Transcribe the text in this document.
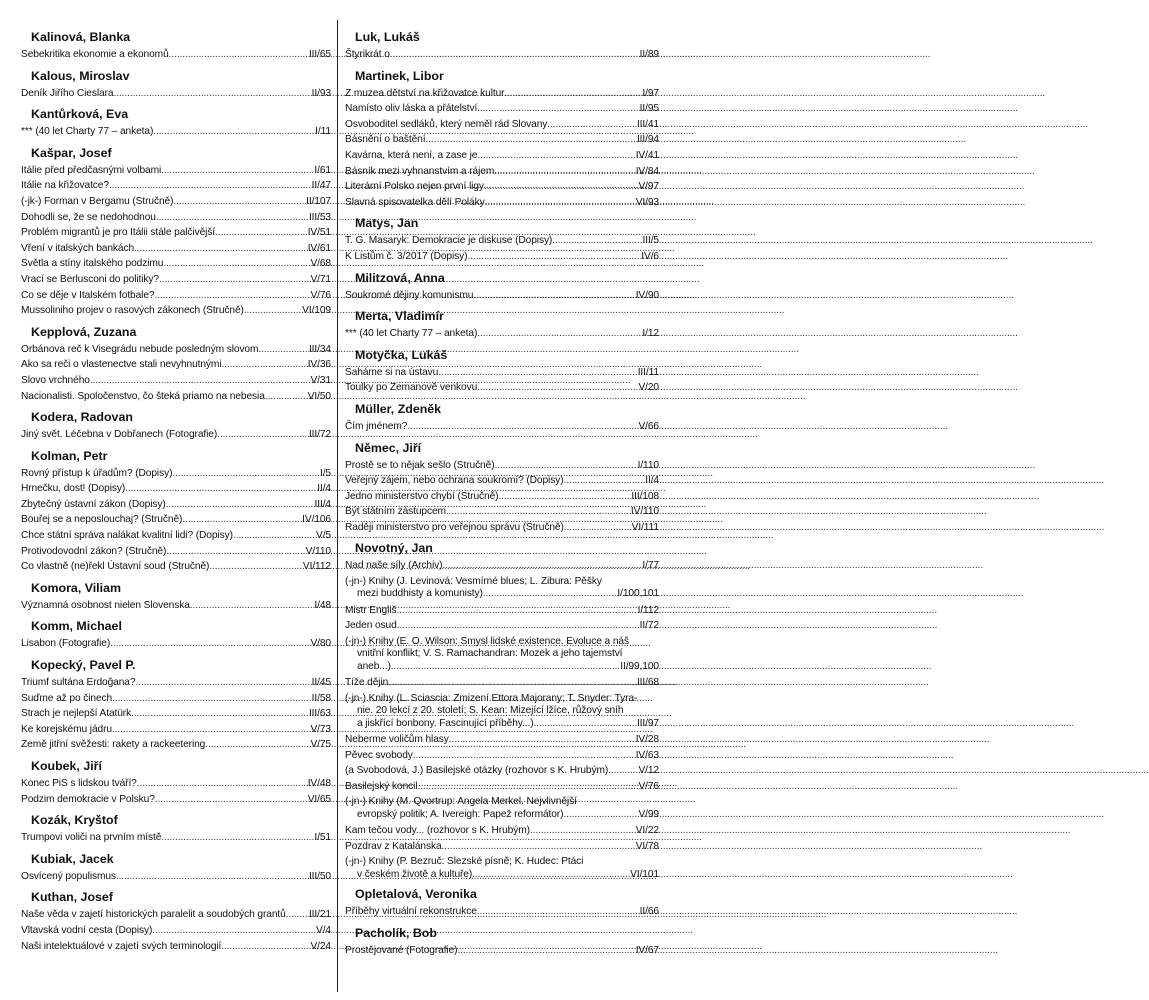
Kalinová, Blanka
Sebekritika ekonomie a ekonomů .....	III/65
Kalous, Miroslav
Deník Jiřího Cieslara .....	II/93
Kantůrková, Eva
*** (40 let Charty 77 – anketa) .....	I/11
Kašpar, Josef
Itálie před předčasnými volbami .....	I/61
Itálie na křižovatce? .....	II/47
(-jk-) Forman v Bergamu (Stručně) .....	II/107
Dohodli se, že se nedohodnou .....	III/53
Problém migrantů je pro Itálii stále palčivější .....	IV/51
Vření v italských bankách .....	IV/61
Světla a stíny italského podzimu .....	V/68
Vrací se Berlusconi do politiky? .....	V/71
Co se děje v Italském fotbale? .....	V/76
Mussoliniho projev o rasových zákonech (Stručně) .....	VI/109
Kepplová, Zuzana
Orbánova reč k Visegrádu nebude posledným slovom .....	III/34
Ako sa reči o vlastenectve stali nevyhnutnými .....	IV/36
Slovo vrchného .....	V/31
Nacionalisti. Spoločenstvo, čo šteká priamo na nebesia .....	VI/50
Kodera, Radovan
Jiný svět. Léčebna v Dobřanech (Fotografie) .....	III/72
Kolman, Petr
Rovný přístup k úřadům? (Dopisy) .....	I/5
Hrnečku, dost! (Dopisy) .....	II/4
Zbytečný ústavní zákon (Dopisy) .....	III/4
Bouřej se a neposlouchaj? (Stručně) .....	IV/106
Chce státní správa nalákat kvalitní lidi? (Dopisy) .....	V/5
Protivodovodní zákon? (Stručně) .....	V/110
Co vlastně (ne)řekl Ústavní soud (Stručně) .....	VI/112
Komora, Viliam
Významná osobnost nielen Slovenska .....	I/48
Komm, Michael
Lisabon (Fotografie) .....	V/80
Kopecký, Pavel P.
Triumf sultána Erdoğana? .....	II/45
Suďme až po činech .....	II/58
Strach je nejlepší Atatürk .....	III/63
Ke korejskému jádru .....	V/73
Země jitřní svěžesti: rakety a rackeetering .....	V/75
Koubek, Jiří
Konec PiS s lidskou tváří? .....	IV/48
Podzim demokracie v Polsku? .....	VI/65
Kozák, Kryštof
Trumpovi voliči na prvním místě .....	I/51
Kubiak, Jacek
Osvícený populismus .....	III/50
Kuthan, Josef
Naše věda v zajetí historických paralelit a soudobých grantů ..... III/21
Vltavská vodní cesta (Dopisy) .....	V/4
Naši intelektuálové v zajetí svých terminologií .....	V/24
Luk, Lukáš
Štyrikrát o .....	II/89
Martinek, Libor
Z muzea dětství na křižovatce kultur .....	I/97
Namísto oliv láska a přátelství .....	II/95
Osvoboditel sedláků, který neměl rád Slovany .....	III/41
Básnění o baštění .....	III/94
Kavárna, která není, a zase je .....	IV/41
Básník mezi vyhnanstvím a rájem .....	IV/84
Literární Polsko nejen první ligy .....	V/97
Slavná spisovatelka dělí Poláky .....	VI/93
Matys, Jan
T. G. Masaryk: Demokracie je diskuse (Dopisy) .....	III/5
K Listům č. 3/2017 (Dopisy) .....	IV/6
Militzová, Anna
Soukromé dějiny komunismu .....	IV/90
Merta, Vladimír
*** (40 let Charty 77 – anketa) .....	I/12
Motyčka, Lukáš
Saháme si na ústavu .....	III/11
Toulky po Zemanově venkovu .....	V/20
Müller, Zdeněk
Čím jménem? .....	V/66
Němec, Jiří
Prostě se to nějak sešlo (Stručně) .....	I/110
Veřejný zájem, nebo ochrana soukromí? (Dopisy) .....	II/4
Jedno ministerstvo chybí (Stručně) .....	III/108
Být státním zástupcem .....	IV/110
Raději ministerstvo pro veřejnou správu (Stručně) .....	VI/111
Novotný, Jan
Nad naše síly (Archiv) .....	I/77
(-jn-) Knihy (J. Levinová: Vesmírné blues; L. Zibura: Pěšky
mezi buddhisty a komunisty) .....	I/100,101
Mistr Engliš .....	I/112
Jeden osud .....	II/72
(-jn-) Knihy (E. O. Wilson: Smysl lidské existence. Evoluce a náš
vnitřní konflikt; V. S. Ramachandran: Mozek a jeho tajemství
aneb...) .....	II/99,100
Tíže dějin .....	III/68
(-jn-) Knihy (L. Sciascia: Zmizení Ettora Majorany; T. Snyder: Tyra-
nie. 20 lekcí z 20. století; S. Kean: Mizející lžíce, růžový sníh
a jiskřící bonbony. Fascinující příběhy...) .....	III/97
Neberme voličům hlasy .....	IV/28
Pěvec svobody .....	IV/63
(a Svobodová, J.) Basilejské otázky (rozhovor s K. Hrubým) .....	V/12
Basilejský koncil .....	V/76
(-jn-) Knihy (M. Qvortrup: Angela Merkel. Nejvlivnější
evropský politik; A. Ivereigh: Papež reformátor) .....	V/99
Kam tečou vody... (rozhovor s K. Hrubým) .....	VI/22
Pozdrav z Katalánska .....	VI/78
(-jn-) Knihy (P. Bezruč: Slezské písně; K. Hudec: Ptáci
v českém životě a kultuře) .....	VI/101
Opletalová, Veronika
Příběhy virtuální rekonstrukce .....	II/66
Pacholík, Bob
Prostějované (Fotografie) .....	IV/67
